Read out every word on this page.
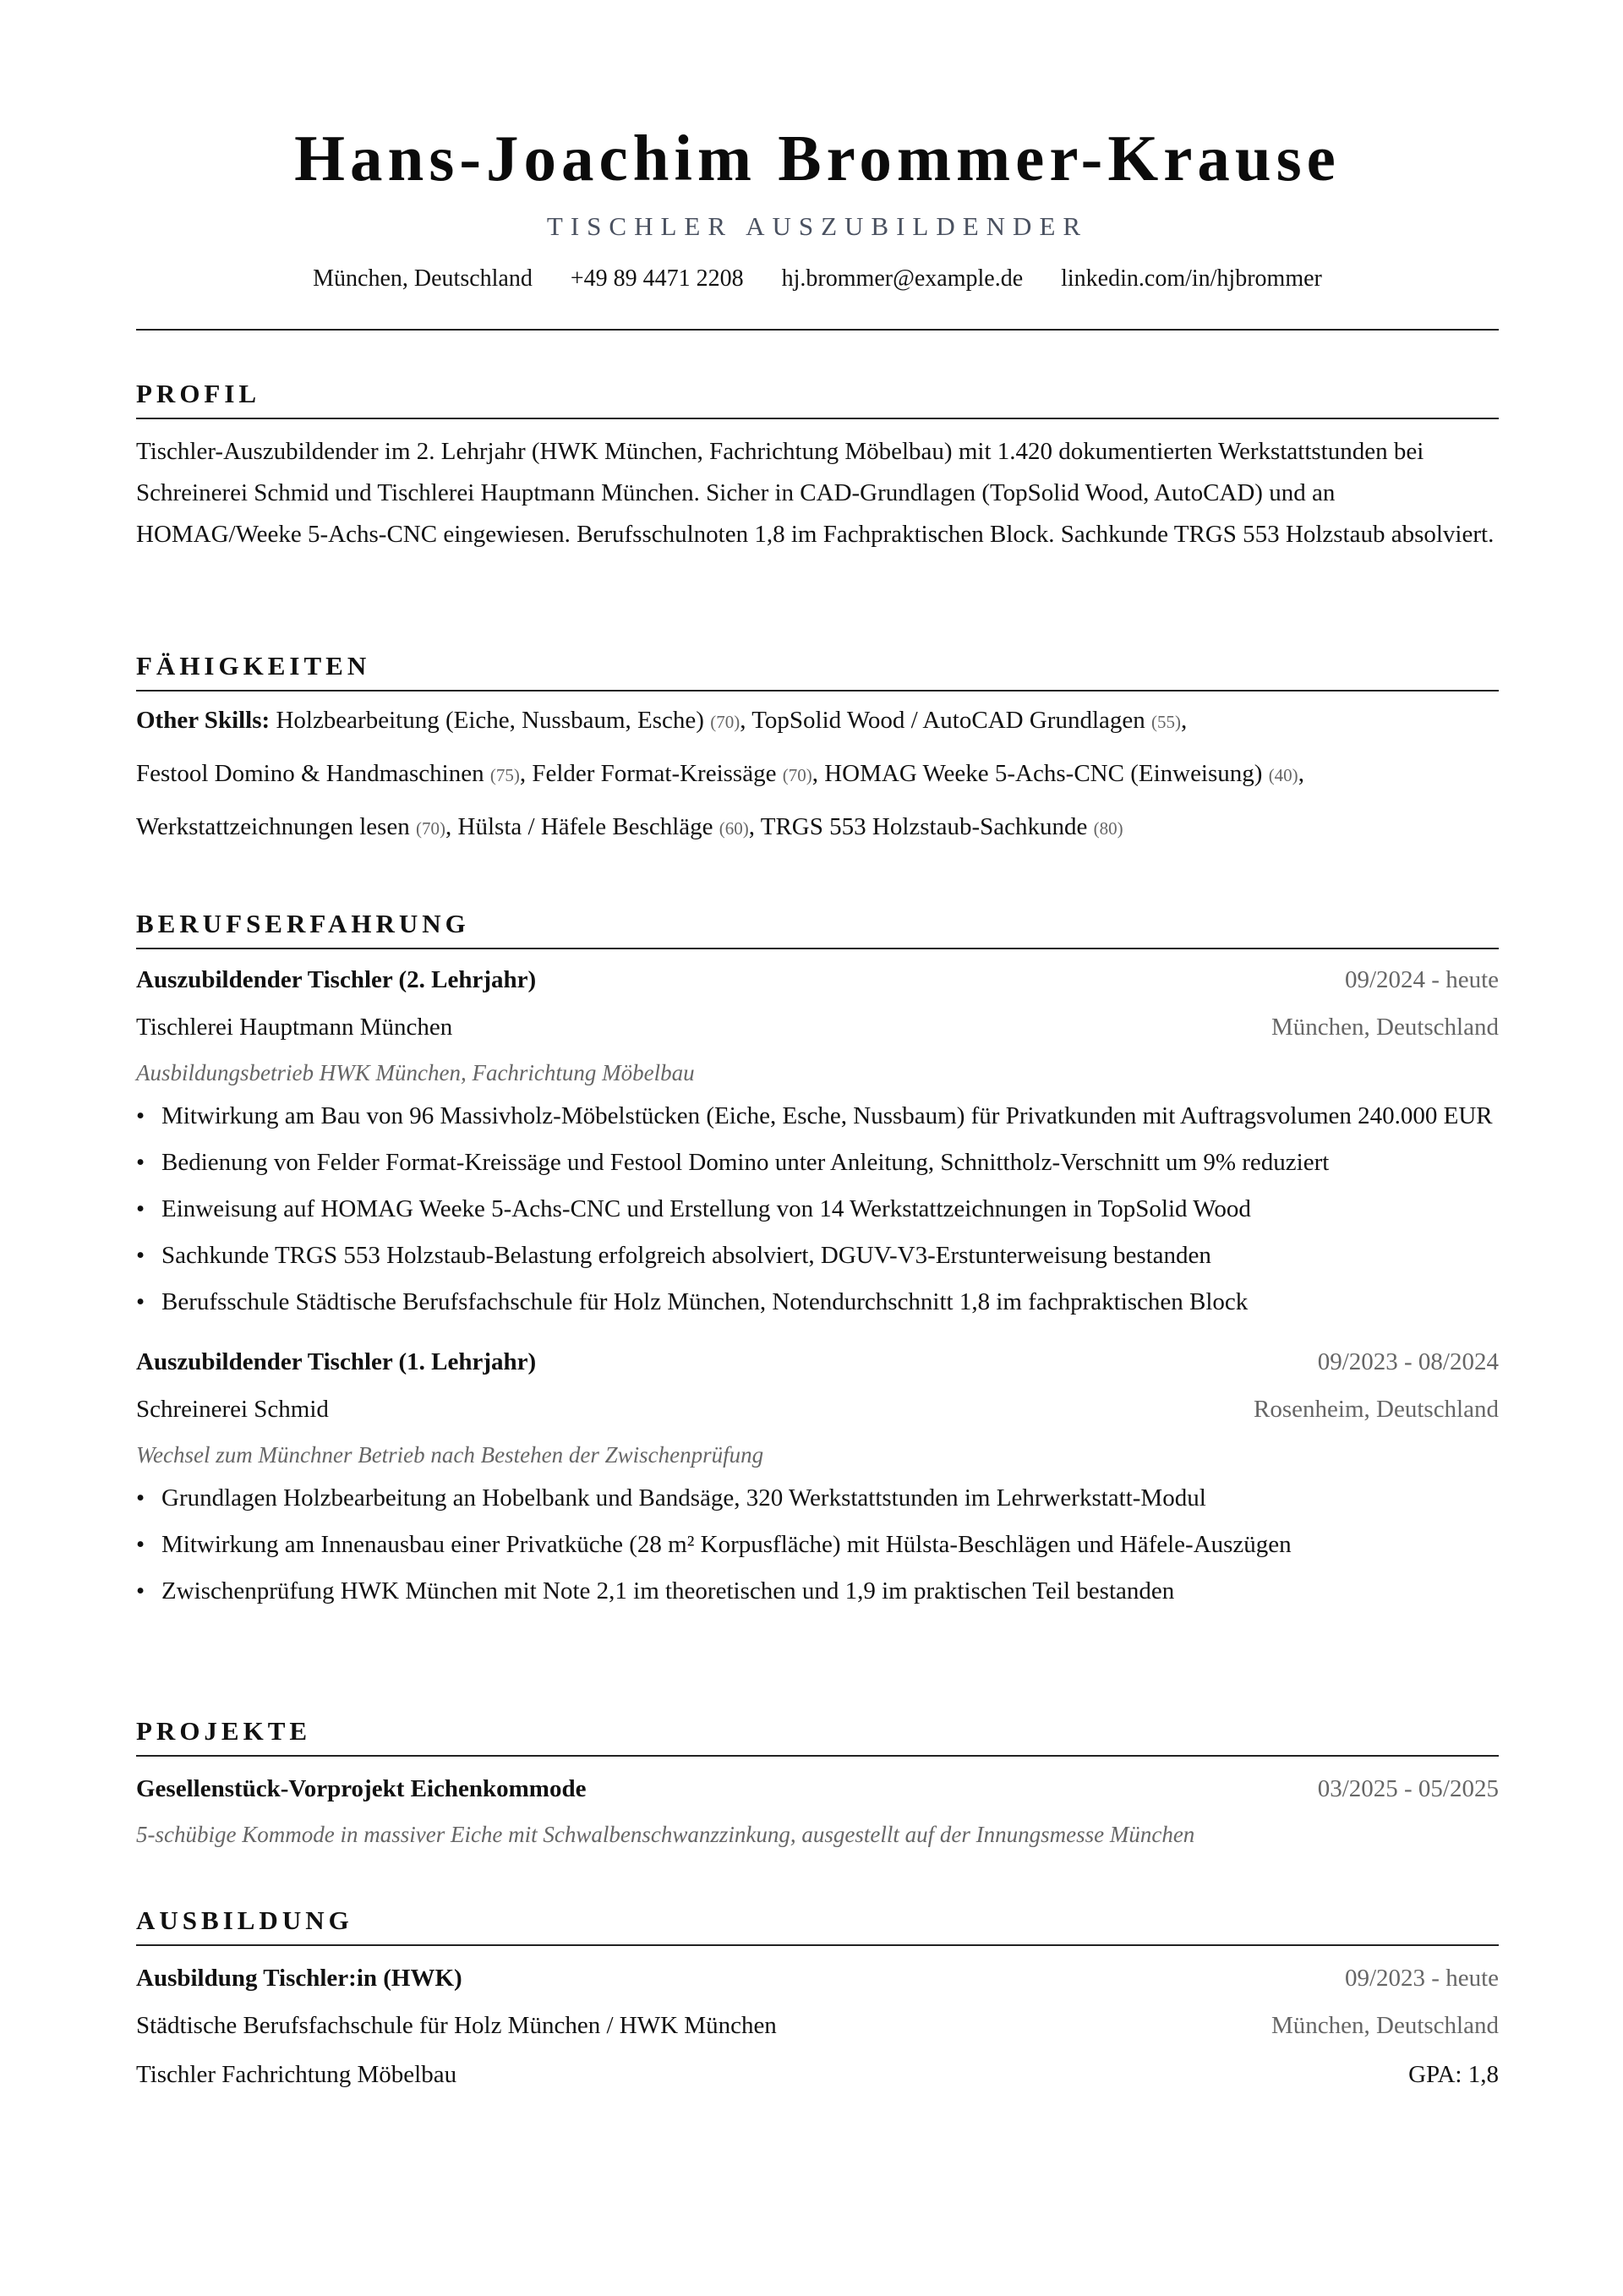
Hans-Joachim Brommer-Krause

TISCHLER AUSZUBILDENDER

München, Deutschland +49 89 4471 2208 hj.brommer@example.de linkedin.com/in/hjbrommer
PROFIL

Tischler-Auszubildender im 2. Lehrjahr (HWK München, Fachrichtung Möbelbau) mit 1.420 dokumentierten Werkstattstunden bei Schreinerei Schmid und Tischlerei Hauptmann München. Sicher in CAD-Grundlagen (TopSolid Wood, AutoCAD) und an HOMAG/Weeke 5-Achs-CNC eingewiesen. Berufsschulnoten 1,8 im Fachpraktischen Block. Sachkunde TRGS 553 Holzstaub absolviert.

FÄHIGKEITEN

Other Skills: Holzbearbeitung (Eiche, Nussbaum, Esche) (70), TopSolid Wood / AutoCAD Grundlagen (55),

Festool Domino & Handmaschinen (75), Felder Format-Kreissäge (70), HOMAG Weeke 5-Achs-CNC (Einweisung) (40),

Werkstattzeichnungen lesen (70), Hülsta / Häfele Beschläge (60), TRGS 553 Holzstaub-Sachkunde (80)

BERUFSERFAHRUNG
Auszubildender Tischler (2. Lehrjahr)	09/2024 - heute
Tischlerei Hauptmann München	München, Deutschland
Ausbildungsbetrieb HWK München, Fachrichtung Möbelbau
• Mitwirkung am Bau von 96 Massivholz-Möbelstücken (Eiche, Esche, Nussbaum) für Privatkunden mit Auftragsvolumen 240.000 EUR
• Bedienung von Felder Format-Kreissäge und Festool Domino unter Anleitung, Schnittholz-Verschnitt um 9% reduziert
• Einweisung auf HOMAG Weeke 5-Achs-CNC und Erstellung von 14 Werkstattzeichnungen in TopSolid Wood
• Sachkunde TRGS 553 Holzstaub-Belastung erfolgreich absolviert, DGUV-V3-Erstunterweisung bestanden
• Berufsschule Städtische Berufsfachschule für Holz München, Notendurchschnitt 1,8 im fachpraktischen Block
Auszubildender Tischler (1. Lehrjahr)	09/2023 - 08/2024
Schreinerei Schmid	Rosenheim, Deutschland
Wechsel zum Münchner Betrieb nach Bestehen der Zwischenprüfung
• Grundlagen Holzbearbeitung an Hobelbank und Bandsäge, 320 Werkstattstunden im Lehrwerkstatt-Modul
• Mitwirkung am Innenausbau einer Privatküche (28 m² Korpusfläche) mit Hülsta-Beschlägen und Häfele-Auszügen
• Zwischenprüfung HWK München mit Note 2,1 im theoretischen und 1,9 im praktischen Teil bestanden
PROJEKTE
Gesellenstück-Vorprojekt Eichenkommode	03/2025 - 05/2025
5-schübige Kommode in massiver Eiche mit Schwalbenschwanzzinkung, ausgestellt auf der Innungsmesse München
AUSBILDUNG
Ausbildung Tischler:in (HWK)	09/2023 - heute
Städtische Berufsfachschule für Holz München / HWK München	München, Deutschland
Tischler Fachrichtung Möbelbau	GPA: 1,8
